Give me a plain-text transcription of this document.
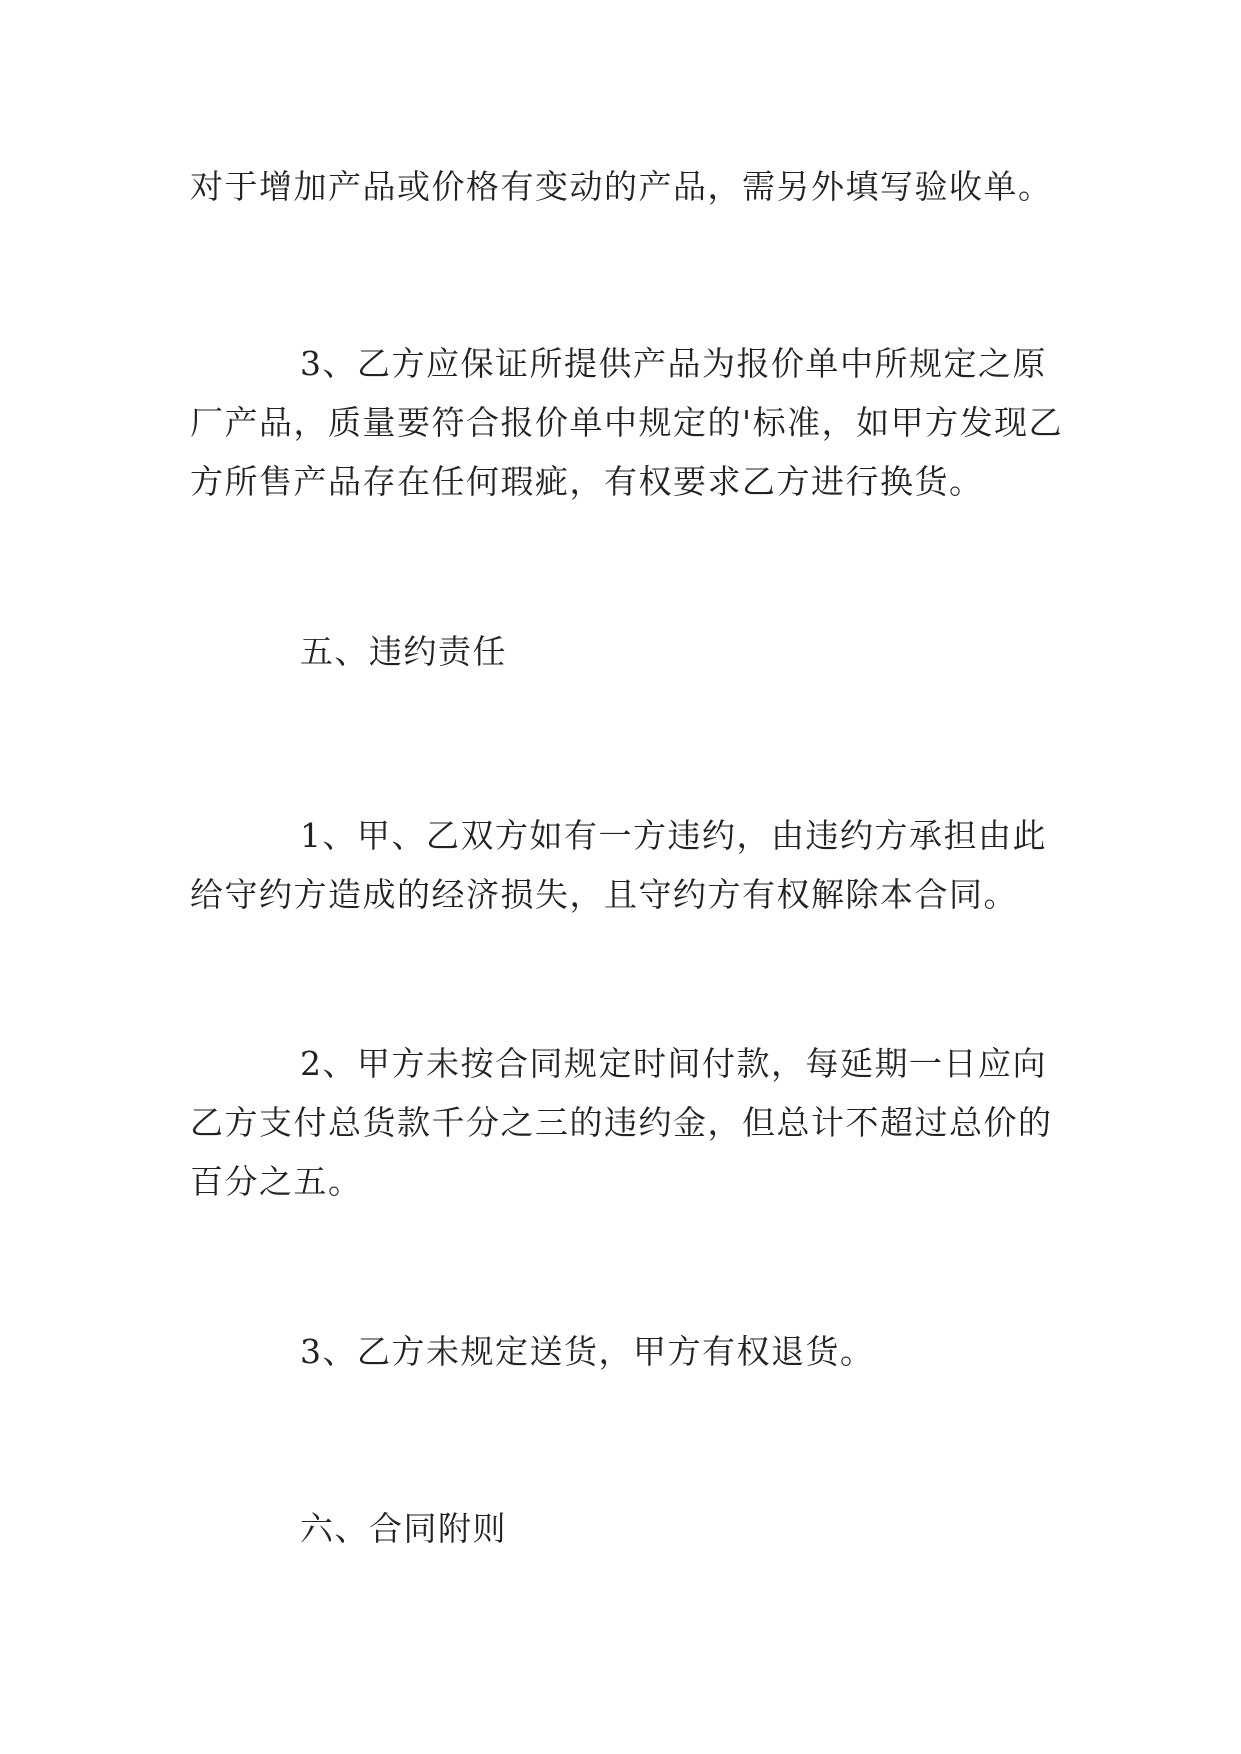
对于增加产品或价格有变动的产品，需另外填写验收单。

3、乙方应保证所提供产品为报价单中所规定之原厂产品，质量要符合报价单中规定的'标准，如甲方发现乙方所售产品存在任何瑕疵，有权要求乙方进行换货。

五、违约责任

1、甲、乙双方如有一方违约，由违约方承担由此给守约方造成的经济损失，且守约方有权解除本合同。

2、甲方未按合同规定时间付款，每延期一日应向乙方支付总货款千分之三的违约金，但总计不超过总价的百分之五。

3、乙方未规定送货，甲方有权退货。

六、合同附则
